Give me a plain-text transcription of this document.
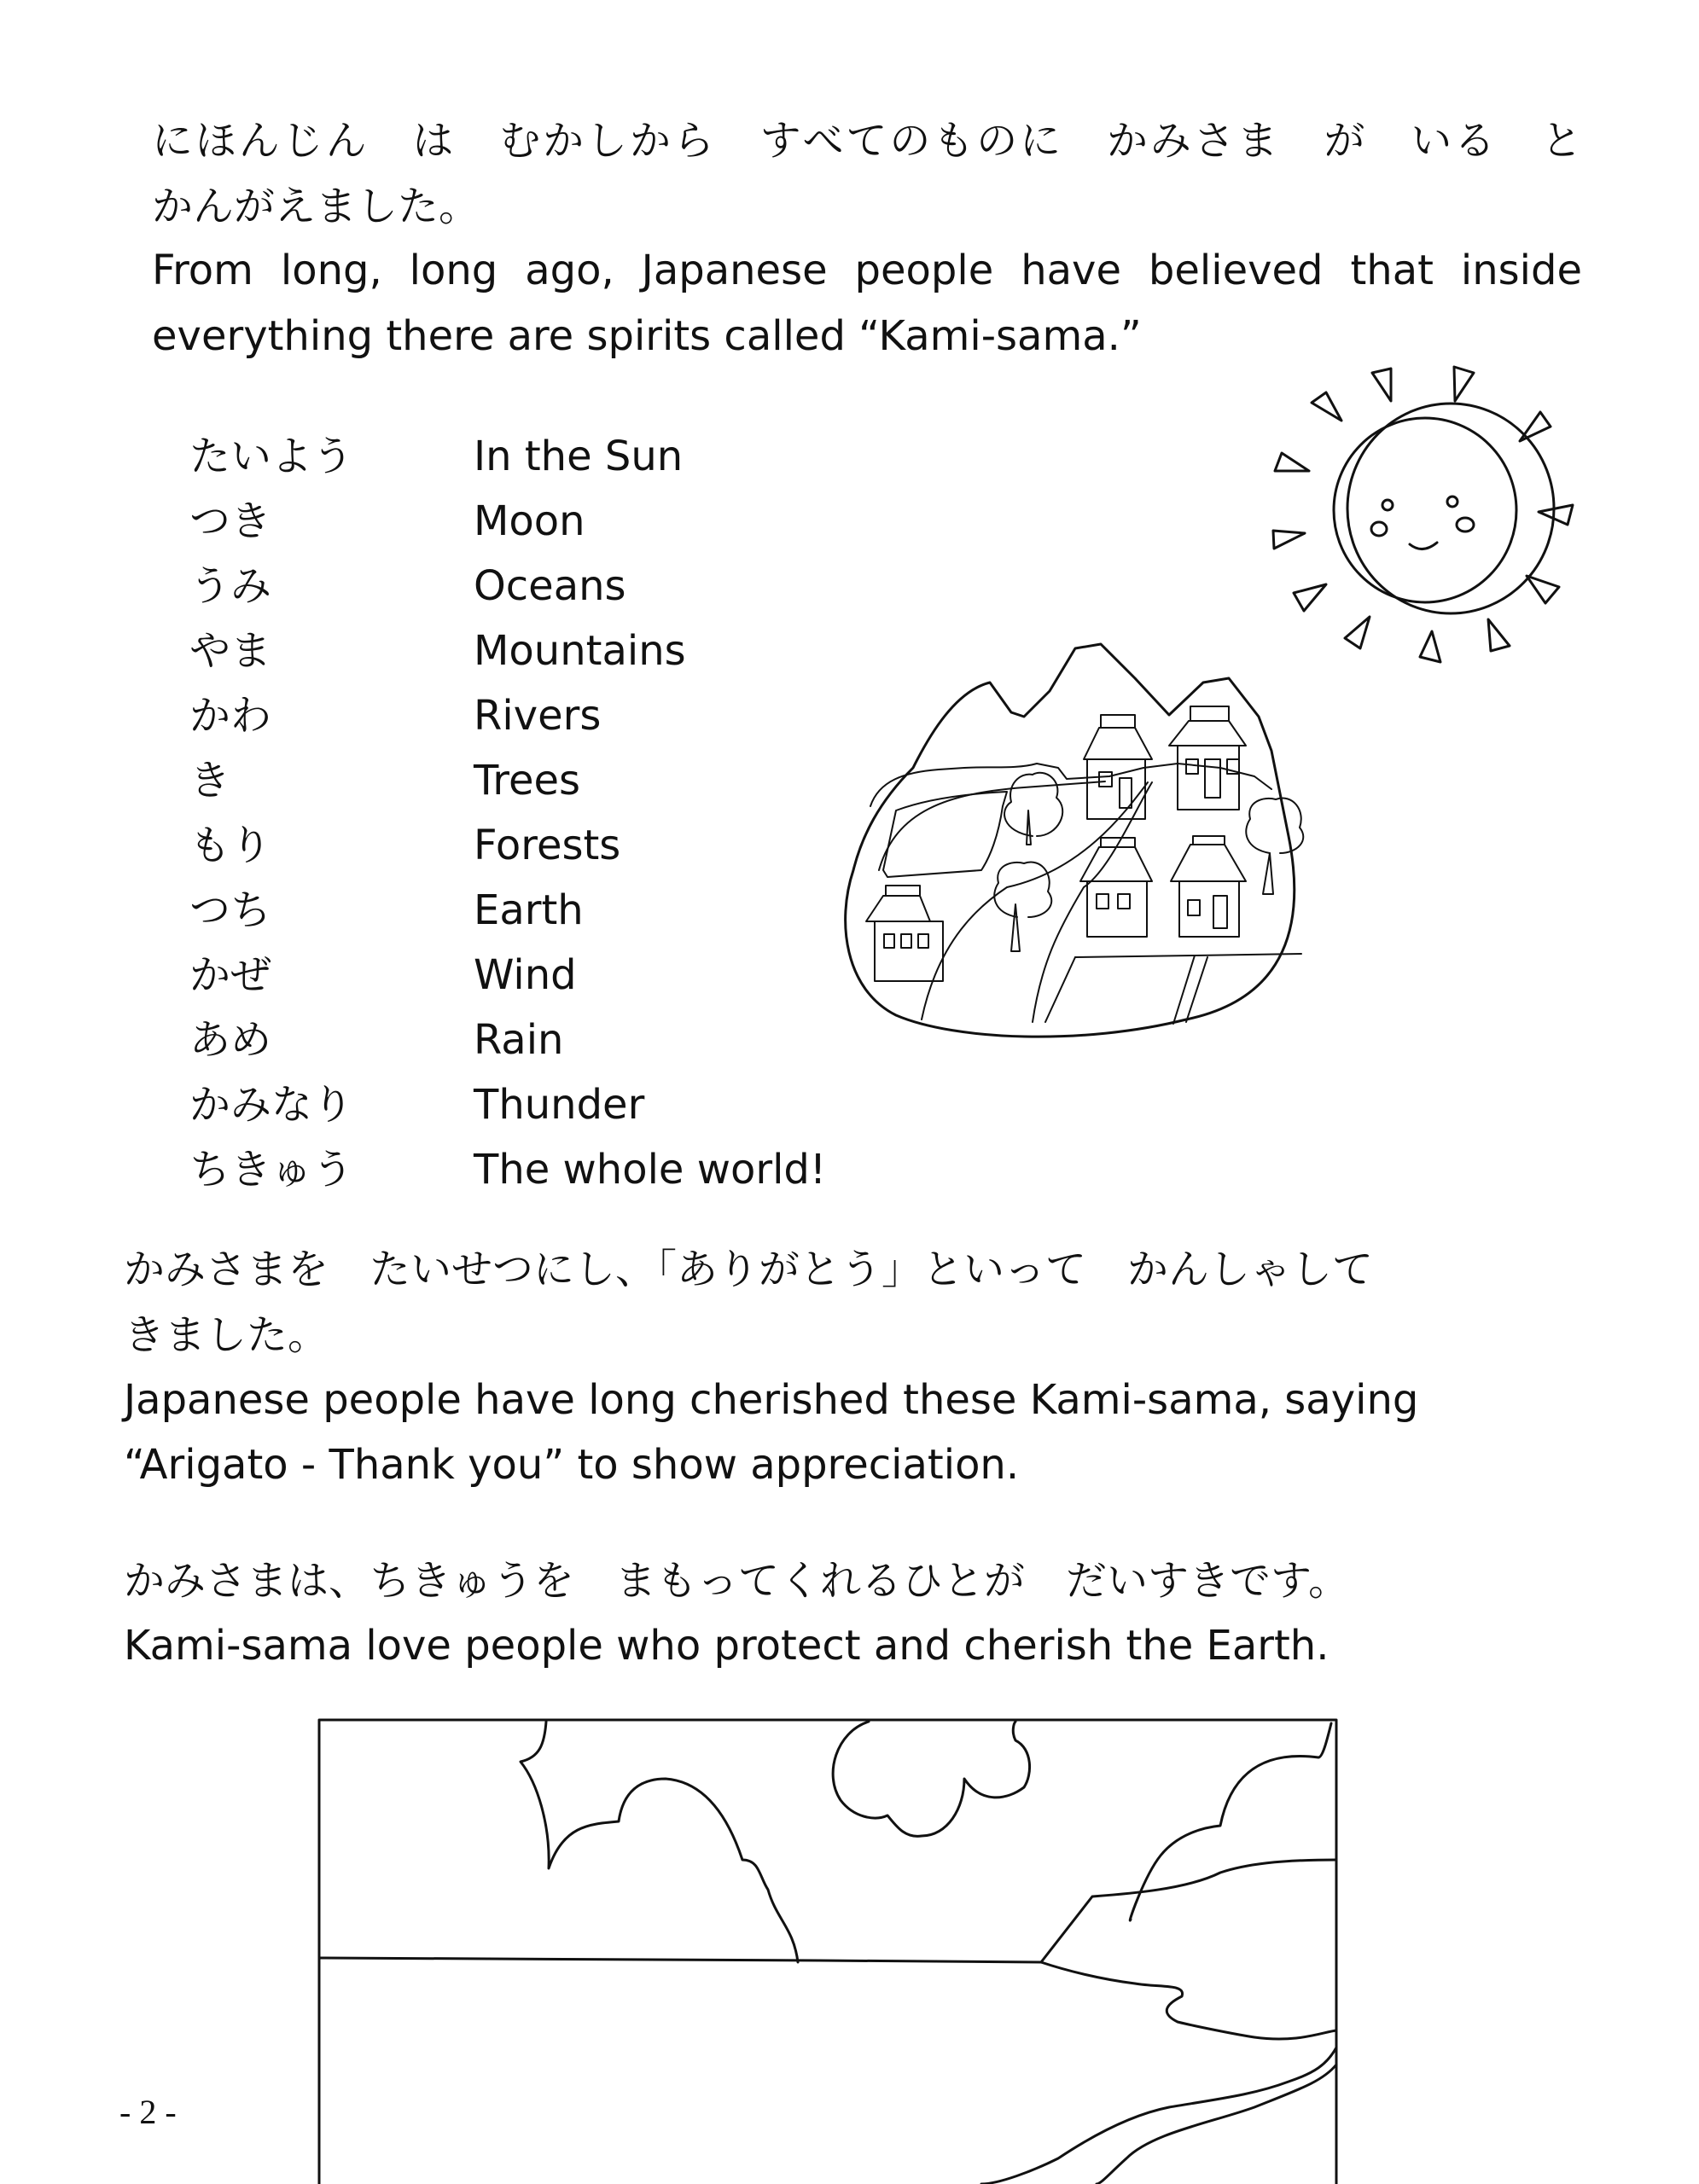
にほんじん　は　むかしから　すべてのものに　かみさま　が　いる　と
かんがえました。
From long, long ago, Japanese people have believed that inside
everything there are spirits called “Kami-sama.”
たいよう	In the Sun
つき	Moon
うみ	Oceans
やま	Mountains
かわ	Rivers
き	Trees
もり	Forests
つち	Earth
かぜ	Wind
あめ	Rain
かみなり	Thunder
ちきゅう	The whole world!
かみさまを　たいせつにし、「ありがとう」といって　かんしゃして
きました。
Japanese people have long cherished these Kami-sama, saying
“Arigato - Thank you” to show appreciation.
かみさまは、ちきゅうを　まもってくれるひとが　だいすきです。
Kami-sama love people who protect and cherish the Earth.
- 2 -
